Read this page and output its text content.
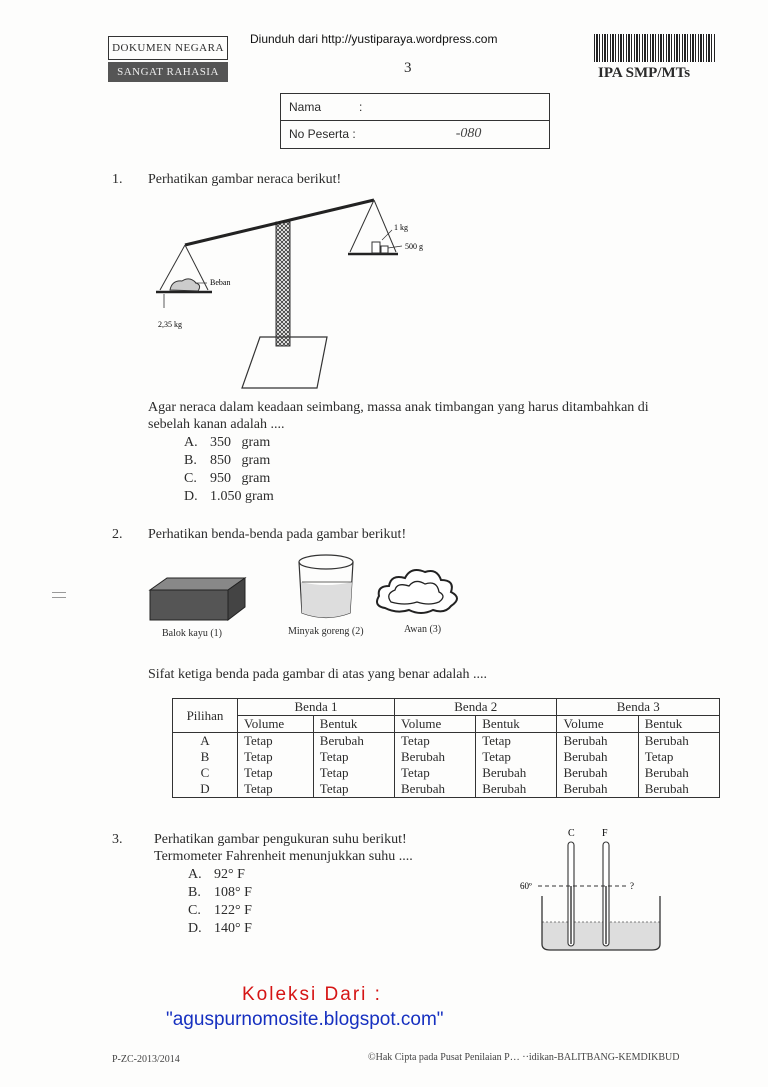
DOKUMEN NEGARA
SANGAT RAHASIA
Diunduh dari http://yustiparaya.wordpress.com
3	IPA SMP/MTs
Nama	:
No Peserta :	-080
1. Perhatikan gambar neraca berikut!
Beban
2,35 kg
1 kg
500 g
Agar neraca dalam keadaan seimbang, massa anak timbangan yang harus ditambahkan di
sebelah kanan adalah ....
A. 350   gram
B. 850   gram
C. 950   gram
D. 1.050 gram
2. Perhatikan benda-benda pada gambar berikut!
Balok kayu (1)	Minyak goreng (2)	Awan (3)
Sifat ketiga benda pada gambar di atas yang benar adalah ....
Pilihan	Benda 1		Benda 2		Benda 3	
	Volume	Bentuk	Volume	Bentuk	Volume	Bentuk
A	Tetap	Berubah	Tetap	Tetap	Berubah	Berubah
B	Tetap	Tetap	Berubah	Tetap	Berubah	Tetap
C	Tetap	Tetap	Tetap	Berubah	Berubah	Berubah
D	Tetap	Tetap	Berubah	Berubah	Berubah	Berubah
3. Perhatikan gambar pengukuran suhu berikut!
Termometer Fahrenheit menunjukkan suhu ....
A. 92° F
B. 108° F
C. 122° F
D. 140° F
C	F
60º	?
Koleksi Dari :
"aguspurnomosite.blogspot.com"
P-ZC-2013/2014	©Hak Cipta pada Pusat Penilaian P… ··idikan-BALITBANG-KEMDIKBUD
